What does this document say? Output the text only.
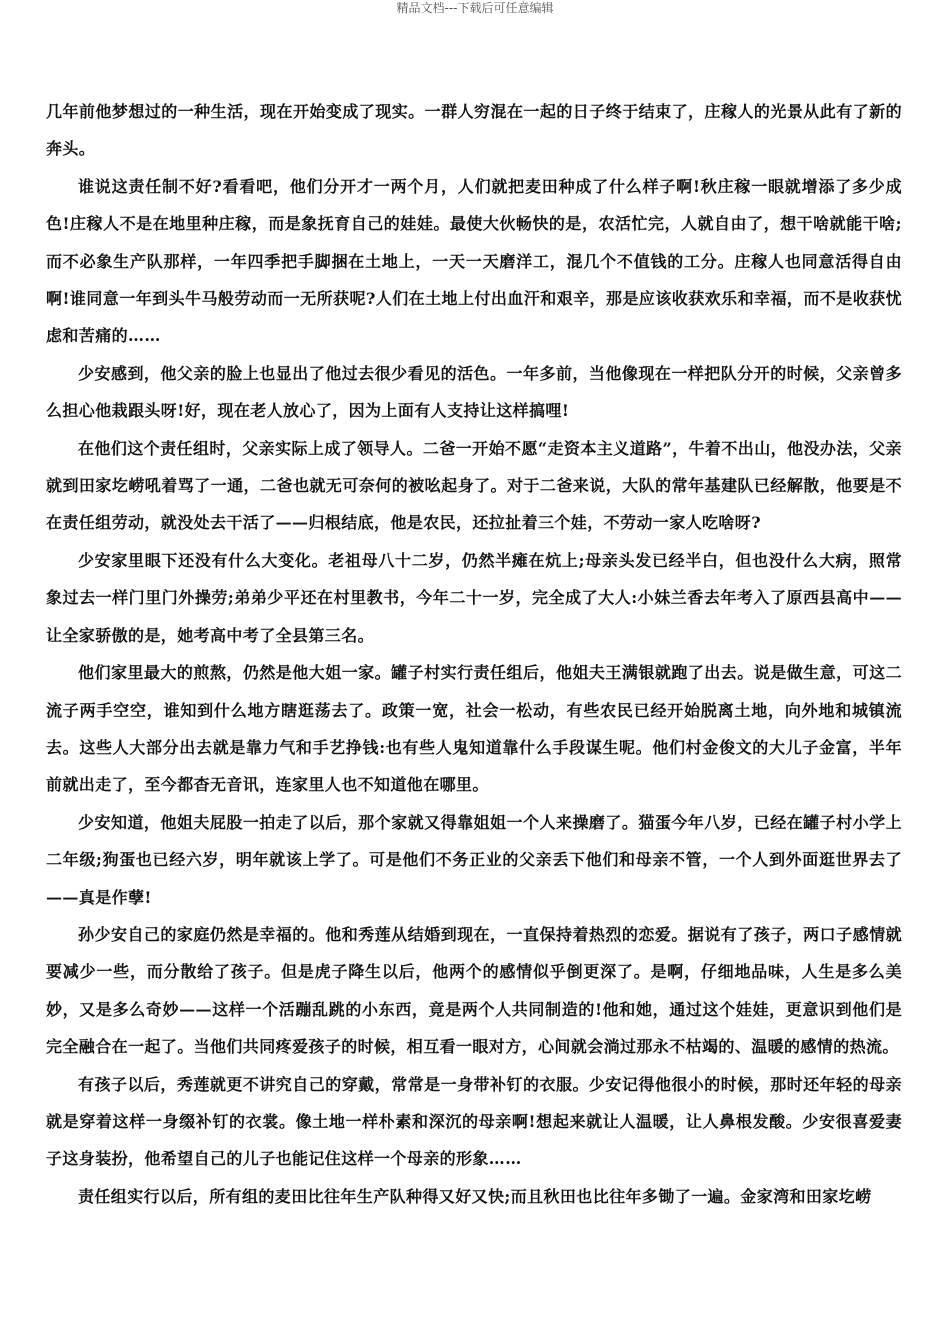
精品文档---下载后可任意编辑

几年前他梦想过的一种生活，现在开始变成了现实。一群人穷混在一起的日子终于结束了，庄稼人的光景从此有了新的奔头。

谁说这责任制不好?看看吧，他们分开才一两个月，人们就把麦田种成了什么样子啊!秋庄稼一眼就增添了多少成色!庄稼人不是在地里种庄稼，而是象抚育自己的娃娃。最使大伙畅快的是，农活忙完，人就自由了，想干啥就能干啥;而不必象生产队那样，一年四季把手脚捆在土地上，一天一天磨洋工，混几个不值钱的工分。庄稼人也同意活得自由啊!谁同意一年到头牛马般劳动而一无所获呢?人们在土地上付出血汗和艰辛，那是应该收获欢乐和幸福，而不是收获忧虑和苦痛的……

少安感到，他父亲的脸上也显出了他过去很少看见的活色。一年多前，当他像现在一样把队分开的时候，父亲曾多么担心他栽跟头呀!好，现在老人放心了，因为上面有人支持让这样搞哩!

在他们这个责任组时，父亲实际上成了领导人。二爸一开始不愿“走资本主义道路”，牛着不出山，他没办法，父亲就到田家圪崂吼着骂了一通，二爸也就无可奈何的被吆起身了。对于二爸来说，大队的常年基建队已经解散，他要是不在责任组劳动，就没处去干活了——归根结底，他是农民，还拉扯着三个娃，不劳动一家人吃啥呀?

少安家里眼下还没有什么大变化。老祖母八十二岁，仍然半瘫在炕上;母亲头发已经半白，但也没什么大病，照常象过去一样门里门外操劳;弟弟少平还在村里教书，今年二十一岁，完全成了大人:小妹兰香去年考入了原西县高中——让全家骄傲的是，她考高中考了全县第三名。

他们家里最大的煎熬，仍然是他大姐一家。罐子村实行责任组后，他姐夫王满银就跑了出去。说是做生意，可这二流子两手空空，谁知到什么地方瞎逛荡去了。政策一宽，社会一松动，有些农民已经开始脱离土地，向外地和城镇流去。这些人大部分出去就是靠力气和手艺挣钱:也有些人鬼知道靠什么手段谋生呢。他们村金俊文的大儿子金富，半年前就出走了，至今都杳无音讯，连家里人也不知道他在哪里。

少安知道，他姐夫屁股一拍走了以后，那个家就又得靠姐姐一个人来操磨了。猫蛋今年八岁，已经在罐子村小学上二年级;狗蛋也已经六岁，明年就该上学了。可是他们不务正业的父亲丢下他们和母亲不管，一个人到外面逛世界去了——真是作孽!

孙少安自己的家庭仍然是幸福的。他和秀莲从结婚到现在，一直保持着热烈的恋爱。据说有了孩子，两口子感情就要减少一些，而分散给了孩子。但是虎子降生以后，他两个的感情似乎倒更深了。是啊，仔细地品味，人生是多么美妙，又是多么奇妙——这样一个活蹦乱跳的小东西，竟是两个人共同制造的!他和她，通过这个娃娃，更意识到他们是完全融合在一起了。当他们共同疼爱孩子的时候，相互看一眼对方，心间就会淌过那永不枯竭的、温暖的感情的热流。

有孩子以后，秀莲就更不讲究自己的穿戴，常常是一身带补钉的衣服。少安记得他很小的时候，那时还年轻的母亲就是穿着这样一身缀补钉的衣裳。像土地一样朴素和深沉的母亲啊!想起来就让人温暖，让人鼻根发酸。少安很喜爱妻子这身装扮，他希望自己的儿子也能记住这样一个母亲的形象……

责任组实行以后，所有组的麦田比往年生产队种得又好又快;而且秋田也比往年多锄了一遍。金家湾和田家圪崂
